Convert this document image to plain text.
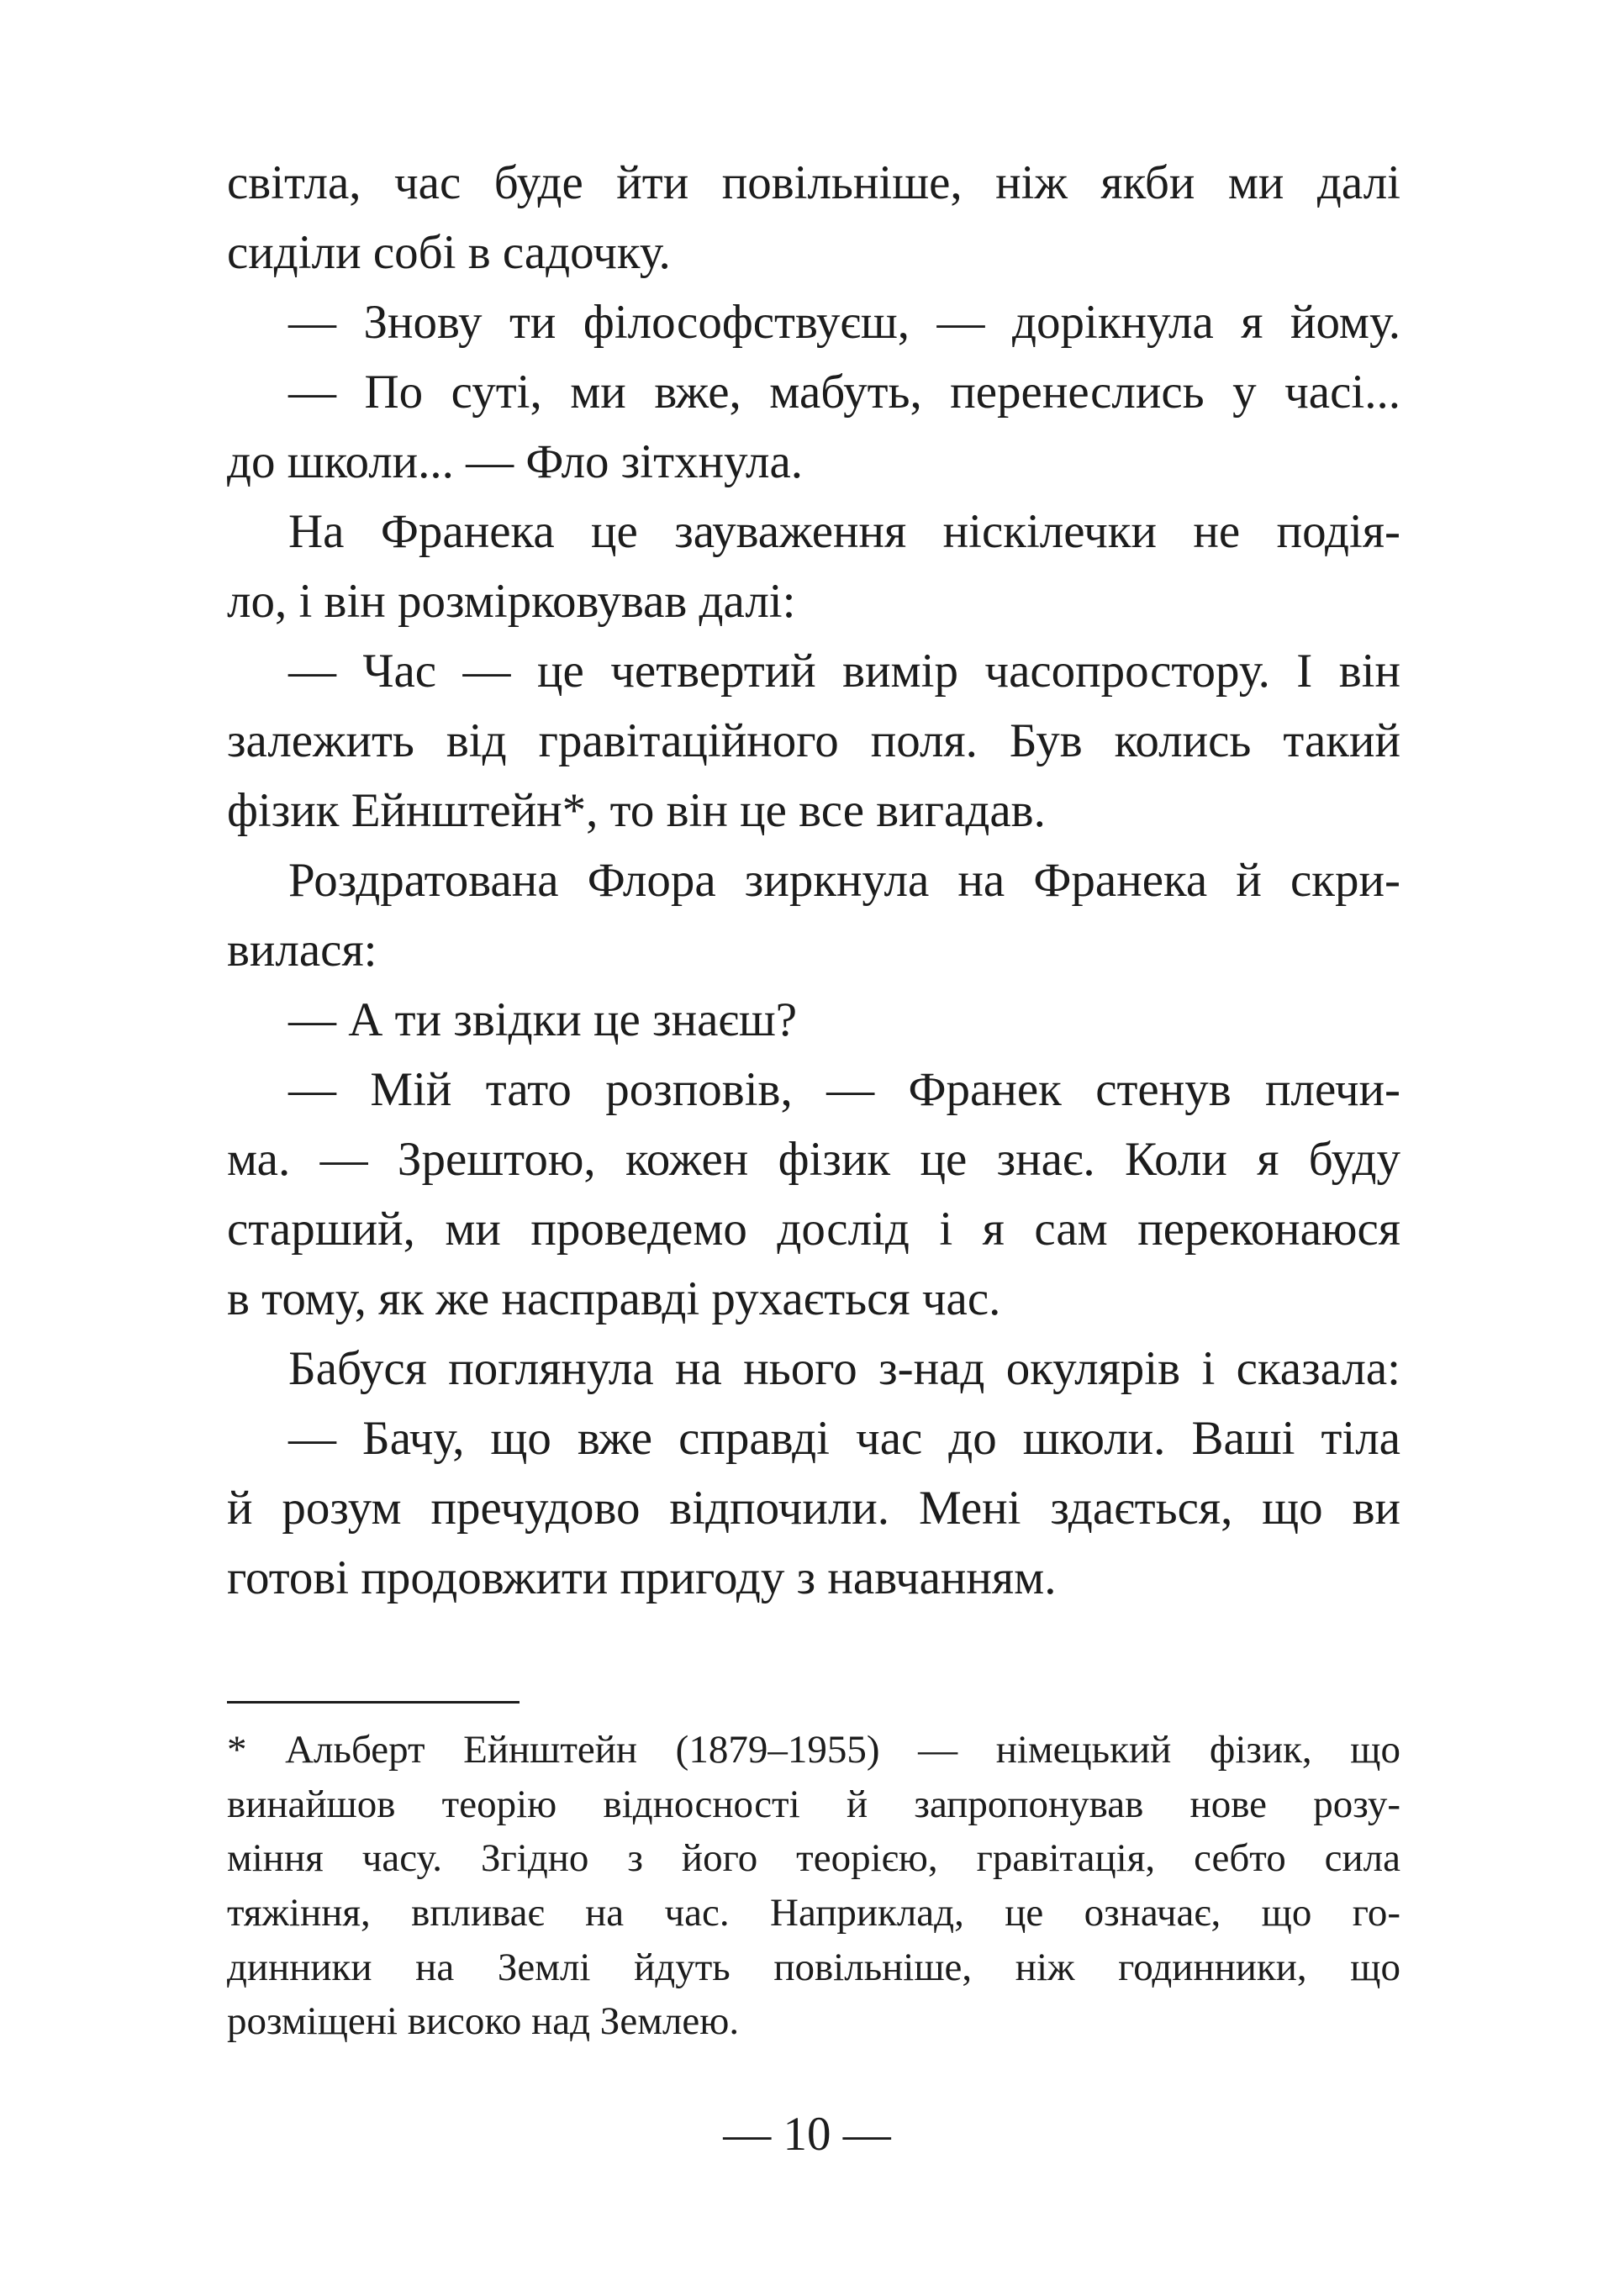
світла, час буде йти повільніше, ніж якби ми далі
сиділи собі в садочку.
— Знову ти філософствуєш, — дорікнула я йому.
— По суті, ми вже, мабуть, перенеслись у часі...
до школи... — Фло зітхнула.
На Франека це зауваження ніскілечки не подія-
ло, і він розмірковував далі:
— Час — це четвертий вимір часопростору. І він
залежить від гравітаційного поля. Був колись такий
фізик Ейнштейн*, то він це все вигадав.
Роздратована Флора зиркнула на Франека й скри-
вилася:
— А ти звідки це знаєш?
— Мій тато розповів, — Франек стенув плечи-
ма. — Зрештою, кожен фізик це знає. Коли я буду
старший, ми проведемо дослід і я сам переконаюся
в тому, як же насправді рухається час.
Бабуся поглянула на нього з-над окулярів і сказала:
— Бачу, що вже справді час до школи. Ваші тіла
й розум пречудово відпочили. Мені здається, що ви
готові продовжити пригоду з навчанням.
* Альберт Ейнштейн (1879–1955) — німецький фізик, що
винайшов теорію відносності й запропонував нове розу-
міння часу. Згідно з його теорією, гравітація, себто сила
тяжіння, впливає на час. Наприклад, це означає, що го-
динники на Землі йдуть повільніше, ніж годинники, що
розміщені високо над Землею.
— 10 —
